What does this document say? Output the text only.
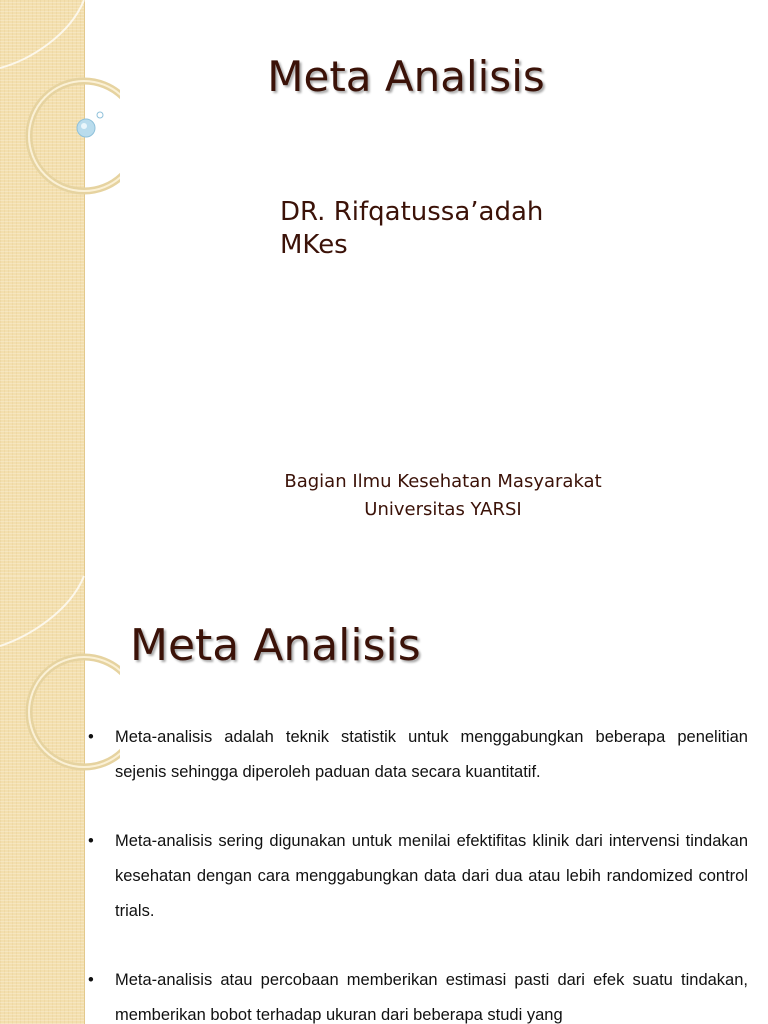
Meta Analisis
DR. Rifqatussa’adah
MKes
Bagian Ilmu Kesehatan Masyarakat
Universitas YARSI
Meta Analisis
• Meta-analisis adalah teknik statistik untuk menggabungkan beberapa penelitian sejenis sehingga diperoleh paduan data secara kuantitatif.
• Meta-analisis sering digunakan untuk menilai efektifitas klinik dari intervensi tindakan kesehatan dengan cara menggabungkan data dari dua atau lebih randomized control trials.
• Meta-analisis atau percobaan memberikan estimasi pasti dari efek suatu tindakan, memberikan bobot terhadap ukuran dari beberapa studi yang
